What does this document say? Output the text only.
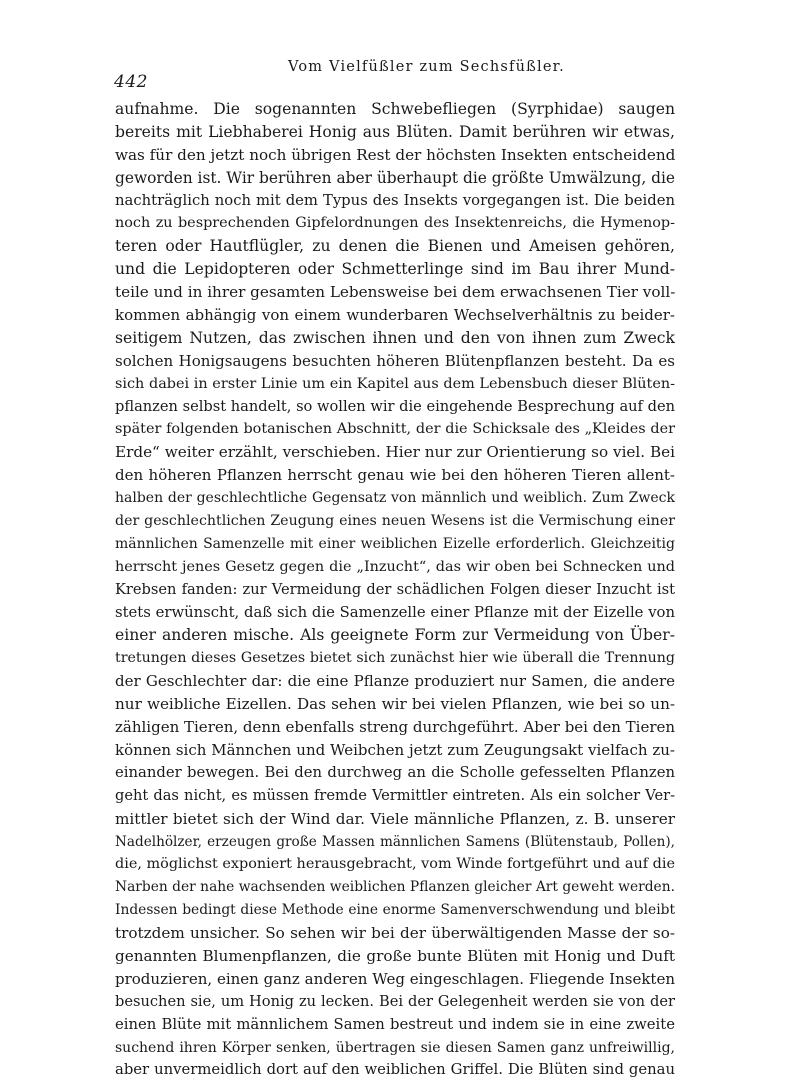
442
Vom Vielfüßler zum Sechsfüßler.
aufnahme. Die sogenannten Schwebefliegen (Syrphidae) saugen
bereits mit Liebhaberei Honig aus Blüten. Damit berühren wir etwas,
was für den jetzt noch übrigen Rest der höchsten Insekten entscheidend
geworden ist. Wir berühren aber überhaupt die größte Umwälzung, die
nachträglich noch mit dem Typus des Insekts vorgegangen ist. Die beiden
noch zu besprechenden Gipfelordnungen des Insektenreichs, die Hymenop-
teren oder Hautflügler, zu denen die Bienen und Ameisen gehören,
und die Lepidopteren oder Schmetterlinge sind im Bau ihrer Mund-
teile und in ihrer gesamten Lebensweise bei dem erwachsenen Tier voll-
kommen abhängig von einem wunderbaren Wechselverhältnis zu beider-
seitigem Nutzen, das zwischen ihnen und den von ihnen zum Zweck
solchen Honigsaugens besuchten höheren Blütenpflanzen besteht. Da es
sich dabei in erster Linie um ein Kapitel aus dem Lebensbuch dieser Blüten-
pflanzen selbst handelt, so wollen wir die eingehende Besprechung auf den
später folgenden botanischen Abschnitt, der die Schicksale des „Kleides der
Erde“ weiter erzählt, verschieben. Hier nur zur Orientierung so viel. Bei
den höheren Pflanzen herrscht genau wie bei den höheren Tieren allent-
halben der geschlechtliche Gegensatz von männlich und weiblich. Zum Zweck
der geschlechtlichen Zeugung eines neuen Wesens ist die Vermischung einer
männlichen Samenzelle mit einer weiblichen Eizelle erforderlich. Gleichzeitig
herrscht jenes Gesetz gegen die „Inzucht“, das wir oben bei Schnecken und
Krebsen fanden: zur Vermeidung der schädlichen Folgen dieser Inzucht ist
stets erwünscht, daß sich die Samenzelle einer Pflanze mit der Eizelle von
einer anderen mische. Als geeignete Form zur Vermeidung von Über-
tretungen dieses Gesetzes bietet sich zunächst hier wie überall die Trennung
der Geschlechter dar: die eine Pflanze produziert nur Samen, die andere
nur weibliche Eizellen. Das sehen wir bei vielen Pflanzen, wie bei so un-
zähligen Tieren, denn ebenfalls streng durchgeführt. Aber bei den Tieren
können sich Männchen und Weibchen jetzt zum Zeugungsakt vielfach zu-
einander bewegen. Bei den durchweg an die Scholle gefesselten Pflanzen
geht das nicht, es müssen fremde Vermittler eintreten. Als ein solcher Ver-
mittler bietet sich der Wind dar. Viele männliche Pflanzen, z. B. unserer
Nadelhölzer, erzeugen große Massen männlichen Samens (Blütenstaub, Pollen),
die, möglichst exponiert herausgebracht, vom Winde fortgeführt und auf die
Narben der nahe wachsenden weiblichen Pflanzen gleicher Art geweht werden.
Indessen bedingt diese Methode eine enorme Samenverschwendung und bleibt
trotzdem unsicher. So sehen wir bei der überwältigenden Masse der so-
genannten Blumenpflanzen, die große bunte Blüten mit Honig und Duft
produzieren, einen ganz anderen Weg eingeschlagen. Fliegende Insekten
besuchen sie, um Honig zu lecken. Bei der Gelegenheit werden sie von der
einen Blüte mit männlichem Samen bestreut und indem sie in eine zweite
suchend ihren Körper senken, übertragen sie diesen Samen ganz unfreiwillig,
aber unvermeidlich dort auf den weiblichen Griffel. Die Blüten sind genau
